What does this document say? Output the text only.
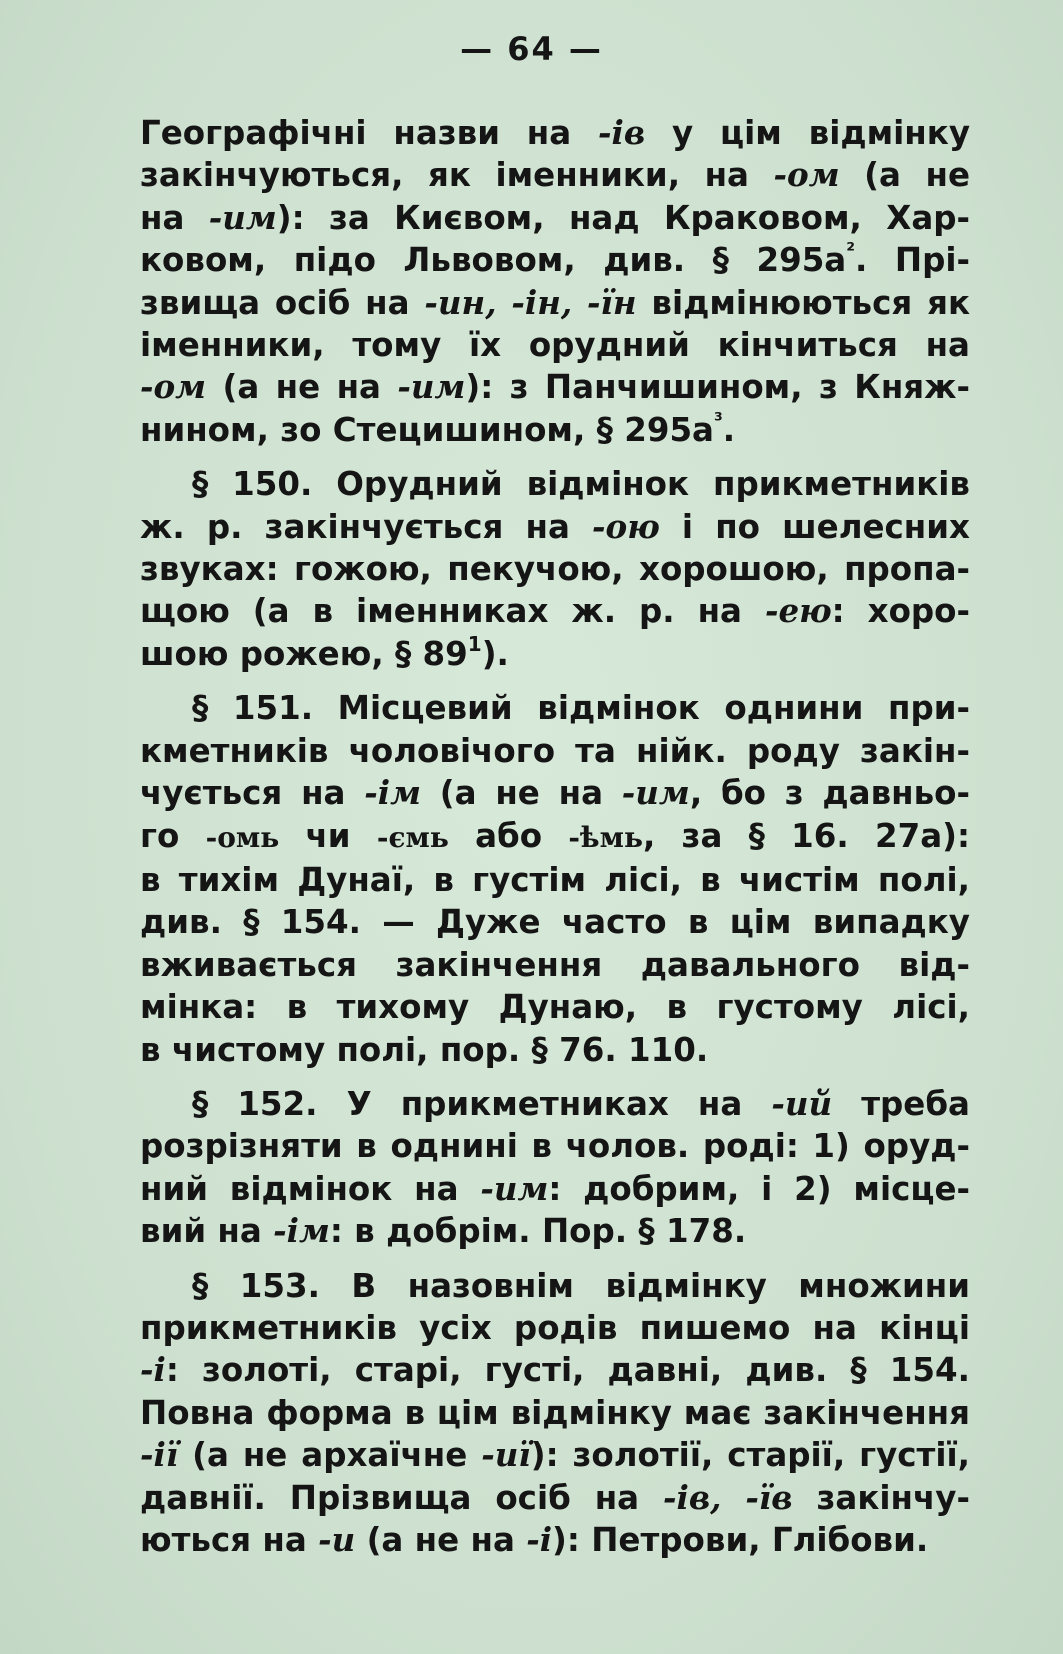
— 64 —
Географічні назви на -ів у цім відмінку
закінчуються, як іменники, на -ом (а не
на -им): за Києвом, над Краковом, Хар-
ковом, підо Львовом, див. § $295а^{^2}$. Прі-
звища осіб на -ин, -ін, -їн відмінюються як
іменники, тому їх орудний кінчиться на
-ом (а не на -им): з Панчишином, з Княж-
нином, зо Стецишином, § $295а^{^3}$.
§ 150. Орудний відмінок прикметників
ж. р. закінчується на -ою і по шелесних
звуках: гожою, пекучою, хорошою, пропа-
щою (а в іменниках ж. р. на -ею: хоро-
шою рожею, § $89^1$).
§ 151. Місцевий відмінок однини при-
кметників чоловічого та нійк. роду закін-
чується на -ім (а не на -им, бо з давньо-
го -омь чи -ємь або -ѣмь, за § 16. 27а):
в тихім Дунаї, в густім лісі, в чистім полі,
див. § 154. — Дуже часто в цім випадку
вживається закінчення давального від-
мінка: в тихому Дунаю, в густому лісі,
в чистому полі, пор. § 76. 110.
§ 152. У прикметниках на -ий треба
розрізняти в однині в чолов. роді: 1) оруд-
ний відмінок на -им: добрим, і 2) місце-
вий на -ім: в добрім. Пор. § 178.
§ 153. В назовнім відмінку множини
прикметників усіх родів пишемо на кінці
-і: золоті, старі, густі, давні, див. § 154.
Повна форма в цім відмінку має закінчення
-ії (а не архаїчне -иї): золотії, старії, густії,
давнії. Прізвища осіб на -ів, -їв закінчу-
ються на -и (а не на -і): Петрови, Глібови.
